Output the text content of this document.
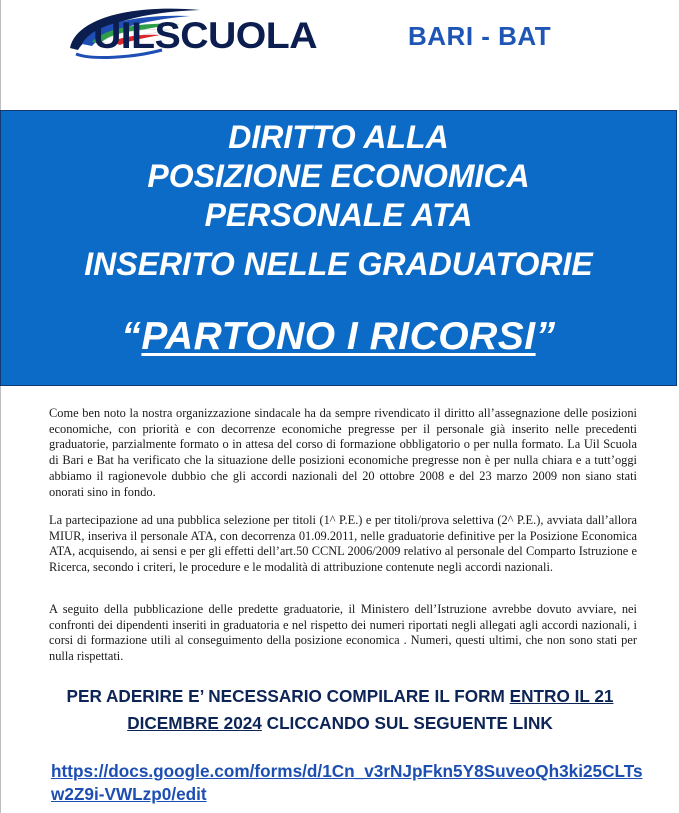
UILSCUOLA	BARI - BAT
DIRITTO ALLA
POSIZIONE ECONOMICA
PERSONALE ATA
INSERITO NELLE GRADUATORIE
“PARTONO I RICORSI”

Come ben noto la nostra organizzazione sindacale ha da sempre rivendicato il diritto all’assegnazione delle posizioni economiche, con priorità e con decorrenze economiche pregresse per il personale già inserito nelle precedenti graduatorie, parzialmente formato o in attesa del corso di formazione obbligatorio o per nulla formato. La Uil Scuola di Bari e Bat ha verificato che la situazione delle posizioni economiche pregresse non è per nulla chiara e a tutt’oggi abbiamo il ragionevole dubbio che gli accordi nazionali del 20 ottobre 2008 e del 23 marzo 2009 non siano stati onorati sino in fondo.

La partecipazione ad una pubblica selezione per titoli (1^ P.E.) e per titoli/prova selettiva (2^ P.E.), avviata dall’allora MIUR, inseriva il personale ATA, con decorrenza 01.09.2011, nelle graduatorie definitive per la Posizione Economica ATA, acquisendo, ai sensi e per gli effetti dell’art.50 CCNL 2006/2009 relativo al personale del Comparto Istruzione e Ricerca, secondo i criteri, le procedure e le modalità di attribuzione contenute negli accordi nazionali.

A seguito della pubblicazione delle predette graduatorie, il Ministero dell’Istruzione avrebbe dovuto avviare, nei confronti dei dipendenti inseriti in graduatoria e nel rispetto dei numeri riportati negli allegati agli accordi nazionali, i corsi di formazione utili al conseguimento della posizione economica . Numeri, questi ultimi, che non sono stati per nulla rispettati.

PER ADERIRE E’ NECESSARIO COMPILARE IL FORM ENTRO IL 21 DICEMBRE 2024 CLICCANDO SUL SEGUENTE LINK

https://docs.google.com/forms/d/1Cn_v3rNJpFkn5Y8SuveoQh3ki25CLTsw2Z9i-VWLzp0/edit
